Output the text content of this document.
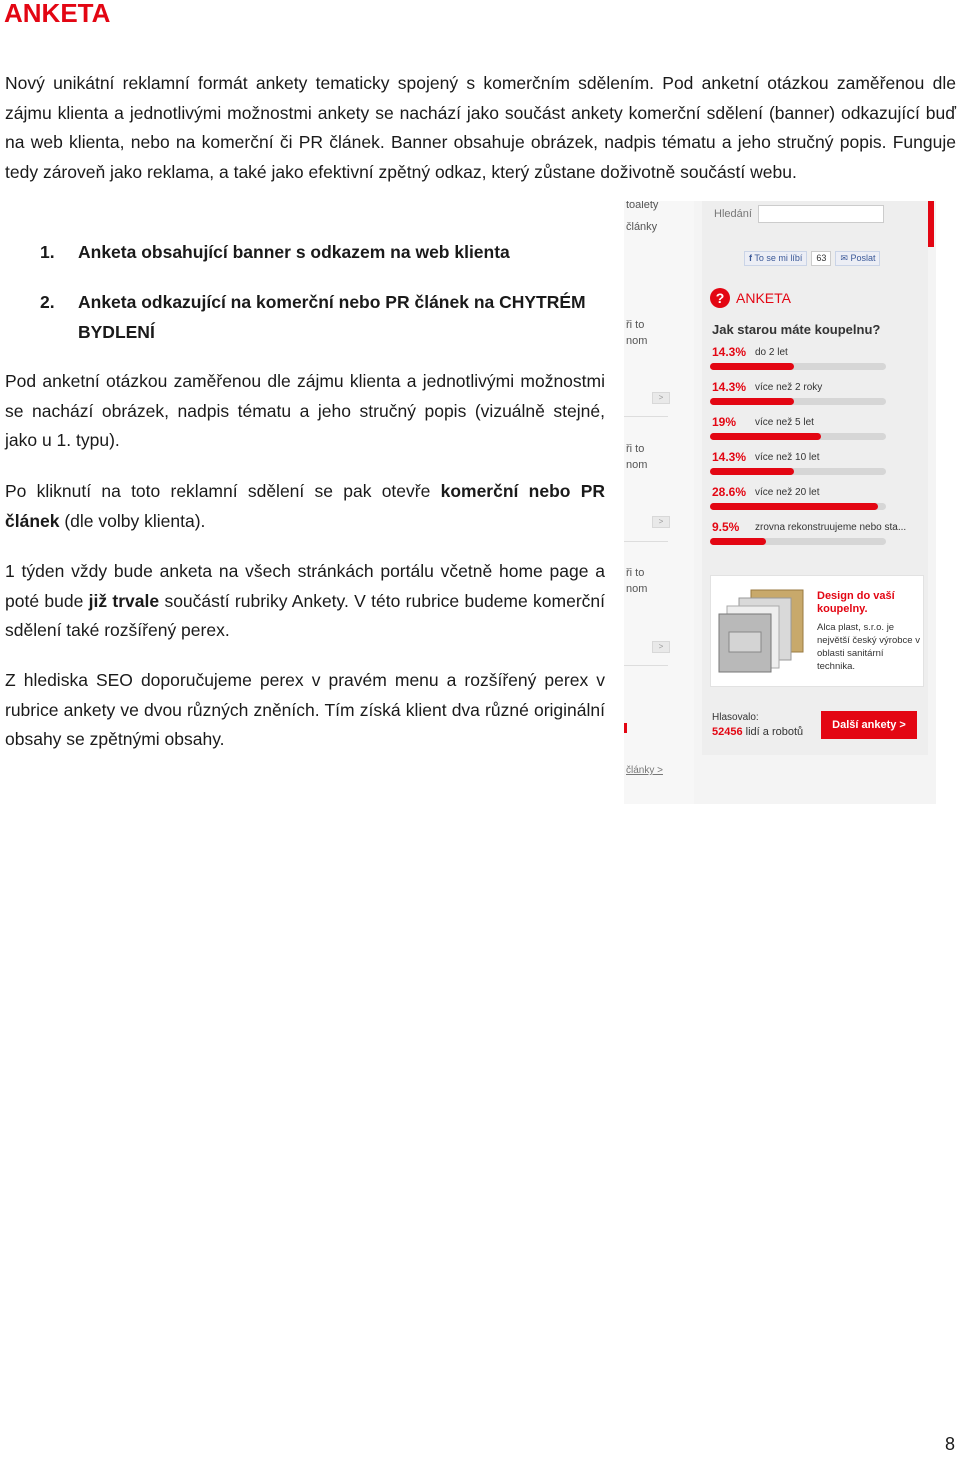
ANKETA

Nový unikátní reklamní formát ankety tematicky spojený s komerčním sdělením. Pod anketní otázkou zaměřenou dle zájmu klienta a jednotlivými možnostmi ankety se nachází jako součást ankety komerční sdělení (banner) odkazující buď na web klienta, nebo na komerční či PR článek. Banner obsahuje obrázek, nadpis tématu a jeho stručný popis. Funguje tedy zároveň jako reklama, a také jako efektivní zpětný odkaz, který zůstane doživotně součástí webu.

1. Anketa obsahující banner s odkazem na web klienta
2. Anketa odkazující na komerční nebo PR článek na CHYTRÉM BYDLENÍ

Pod anketní otázkou zaměřenou dle zájmu klienta a jednotlivými možnostmi se nachází obrázek, nadpis tématu a jeho stručný popis (vizuálně stejné, jako u 1. typu).

Po kliknutí na toto reklamní sdělení se pak otevře komerční nebo PR článek (dle volby klienta).

1 týden vždy bude anketa na všech stránkách portálu včetně home page a poté bude již trvale součástí rubriky Ankety. V této rubrice budeme komerční sdělení také rozšířený perex.

Z hlediska SEO doporučujeme perex v pravém menu a rozšířený perex v rubrice ankety ve dvou různých zněních. Tím získá klient dva různé originální obsahy se zpětnými obsahy.

toalety
články
ři to
nom
>
ři to
nom
>
ři to
nom
>
články >
Hledání
f To se mi líbí	63	✉ Poslat
? ANKETA
Jak starou máte koupelnu?
14.3% do 2 let
14.3% více než 2 roky
19% více než 5 let
14.3% více než 10 let
28.6% více než 20 let
9.5% zrovna rekonstruujeme nebo sta...
Design do vaší koupelny.
Alca plast, s.r.o. je největší český výrobce v oblasti sanitární technika.
Hlasovalo:
52456 lidí a robotů
Další ankety >

8
